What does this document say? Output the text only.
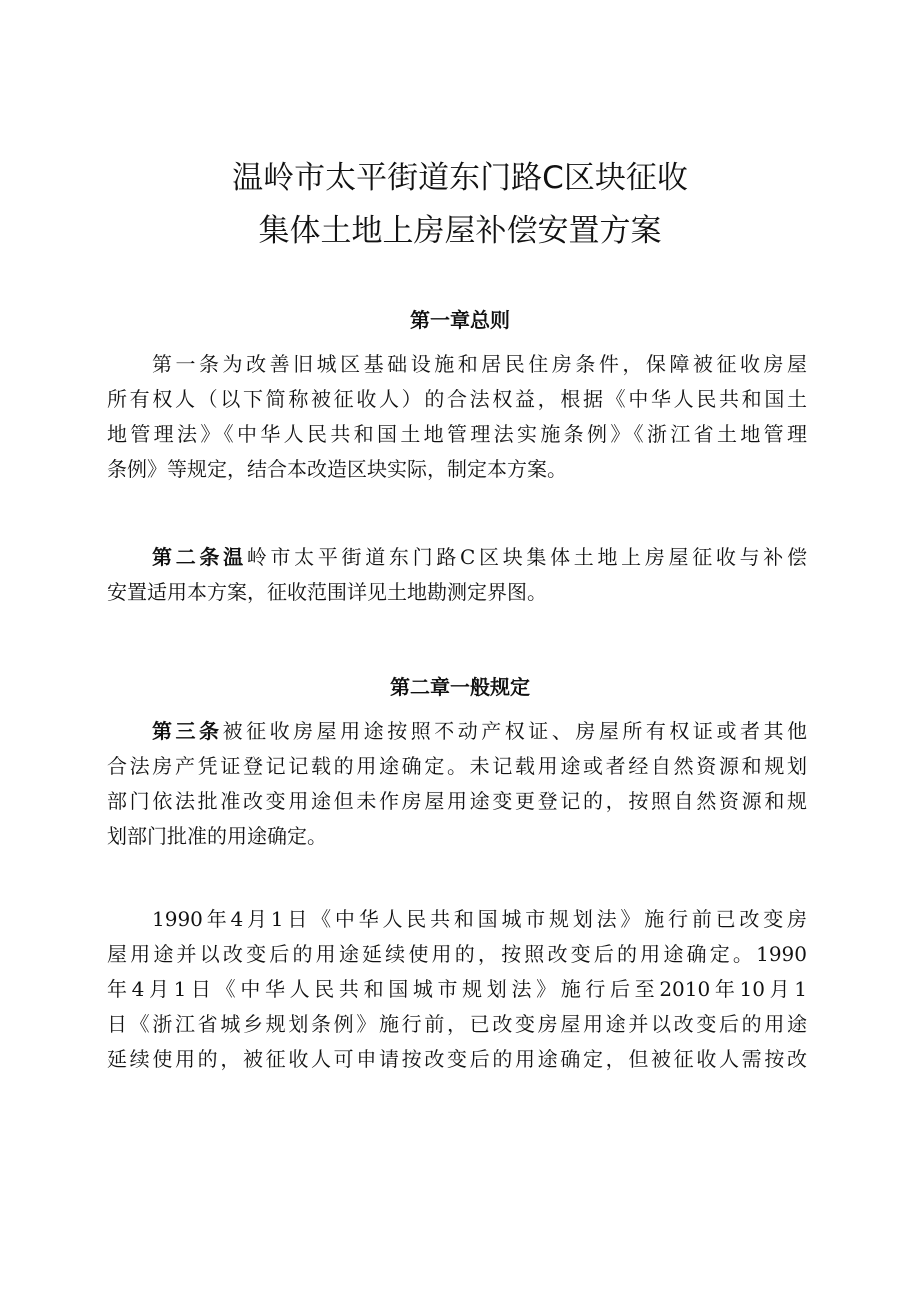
温岭市太平街道东门路C区块征收
集体土地上房屋补偿安置方案
第一章总则
第一条为改善旧城区基础设施和居民住房条件，保障被征收房屋
所有权人（以下简称被征收人）的合法权益，根据《中华人民共和国土
地管理法》《中华人民共和国土地管理法实施条例》《浙江省土地管理
条例》等规定，结合本改造区块实际，制定本方案。
第二条温岭市太平街道东门路C区块集体土地上房屋征收与补偿
安置适用本方案，征收范围详见土地勘测定界图。
第二章一般规定
第三条被征收房屋用途按照不动产权证、房屋所有权证或者其他
合法房产凭证登记记载的用途确定。未记载用途或者经自然资源和规划
部门依法批准改变用途但未作房屋用途变更登记的，按照自然资源和规
划部门批准的用途确定。
1990年4月1日《中华人民共和国城市规划法》施行前已改变房
屋用途并以改变后的用途延续使用的，按照改变后的用途确定。1990
年4月1日《中华人民共和国城市规划法》施行后至2010年10月1
日《浙江省城乡规划条例》施行前，已改变房屋用途并以改变后的用途
延续使用的，被征收人可申请按改变后的用途确定，但被征收人需按改
